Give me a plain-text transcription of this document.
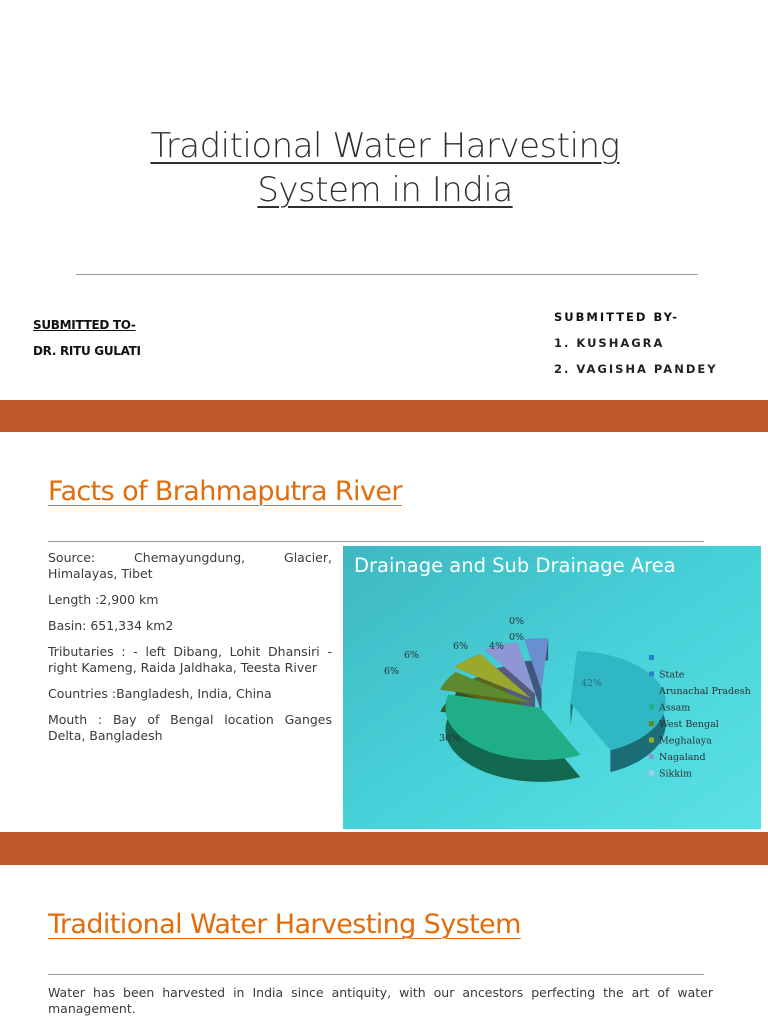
Traditional Water Harvesting
System in India
SUBMITTED TO-
DR. RITU GULATI
SUBMITTED BY-
1. KUSHAGRA
2. VAGISHA PANDEY
Facts of Brahmaputra River

Source: Chemayungdung, Glacier, Himalayas, Tibet

Length :2,900 km

Basin: 651,334 km2

Tributaries : - left Dibang, Lohit Dhansiri - right Kameng, Raida Jaldhaka, Teesta River

Countries :Bangladesh, India, China

Mouth : Bay of Bengal location Ganges Delta, Bangladesh

Drainage and Sub Drainage Area
42%
36%
6%
6%
6% 4%
0%
0%
State
Arunachal Pradesh
Assam
West Bengal
Meghalaya
Nagaland
Sikkim
Traditional Water Harvesting System
Water has been harvested in India since antiquity, with our ancestors perfecting the art of water management.
